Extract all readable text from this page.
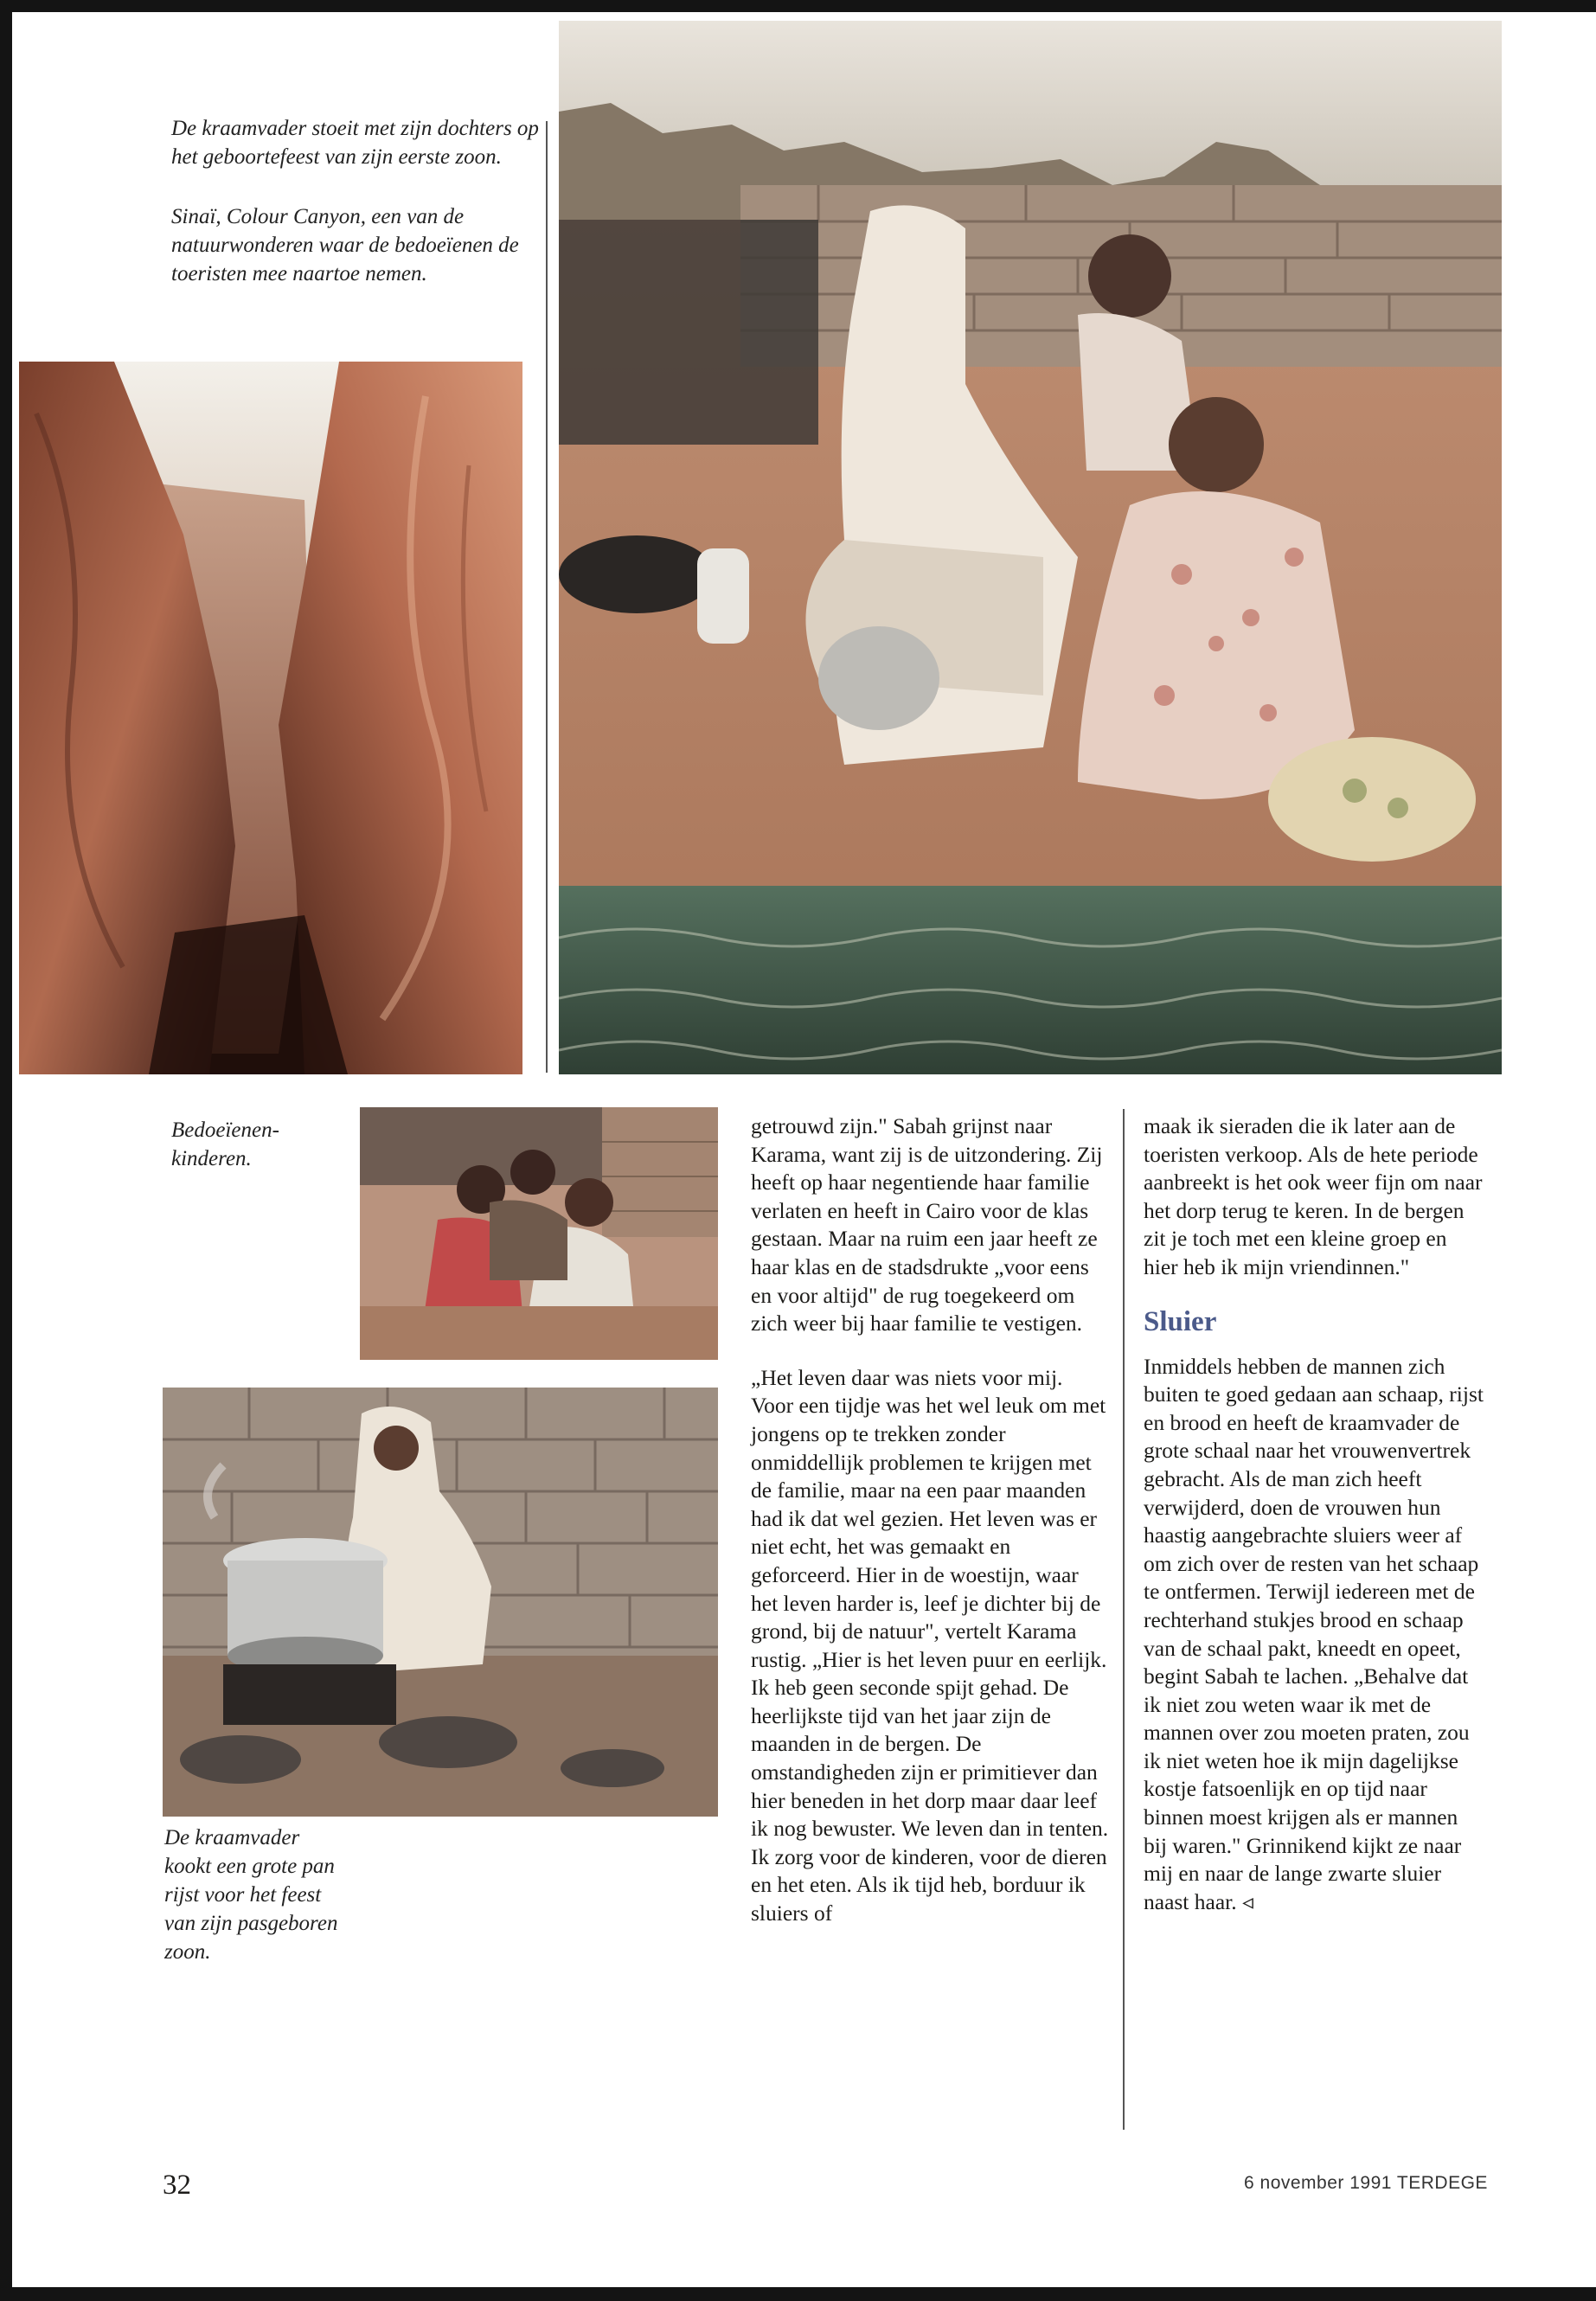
De kraamvader stoeit met zijn dochters op het geboortefeest van zijn eerste zoon.

Sinaï, Colour Canyon, een van de natuurwonderen waar de bedoeïenen de toeristen mee naartoe nemen.

Bedoeïenen-kinderen.

De kraamvader kookt een grote pan rijst voor het feest van zijn pasgeboren zoon.

getrouwd zijn." Sabah grijnst naar Karama, want zij is de uitzondering. Zij heeft op haar negentiende haar familie verlaten en heeft in Cairo voor de klas gestaan. Maar na ruim een jaar heeft ze haar klas en de stadsdrukte „voor eens en voor altijd" de rug toegekeerd om zich weer bij haar familie te vestigen.

„Het leven daar was niets voor mij. Voor een tijdje was het wel leuk om met jongens op te trekken zonder onmiddellijk problemen te krijgen met de familie, maar na een paar maanden had ik dat wel gezien. Het leven was er niet echt, het was gemaakt en geforceerd. Hier in de woestijn, waar het leven harder is, leef je dichter bij de grond, bij de natuur", vertelt Karama rustig. „Hier is het leven puur en eerlijk. Ik heb geen seconde spijt gehad. De heerlijkste tijd van het jaar zijn de maanden in de bergen. De omstandigheden zijn er primitiever dan hier beneden in het dorp maar daar leef ik nog bewuster. We leven dan in tenten. Ik zorg voor de kinderen, voor de dieren en het eten. Als ik tijd heb, borduur ik sluiers of

maak ik sieraden die ik later aan de toeristen verkoop. Als de hete periode aanbreekt is het ook weer fijn om naar het dorp terug te keren. In de bergen zit je toch met een kleine groep en hier heb ik mijn vriendinnen."

Sluier

Inmiddels hebben de mannen zich buiten te goed gedaan aan schaap, rijst en brood en heeft de kraamvader de grote schaal naar het vrouwenvertrek gebracht. Als de man zich heeft verwijderd, doen de vrouwen hun haastig aangebrachte sluiers weer af om zich over de resten van het schaap te ontfermen. Terwijl iedereen met de rechterhand stukjes brood en schaap van de schaal pakt, kneedt en opeet, begint Sabah te lachen. „Behalve dat ik niet zou weten waar ik met de mannen over zou moeten praten, zou ik niet weten hoe ik mijn dagelijkse kostje fatsoenlijk en op tijd naar binnen moest krijgen als er mannen bij waren." Grinnikend kijkt ze naar mij en naar de lange zwarte sluier naast haar. ◃

32	6 november 1991 TERDEGE
